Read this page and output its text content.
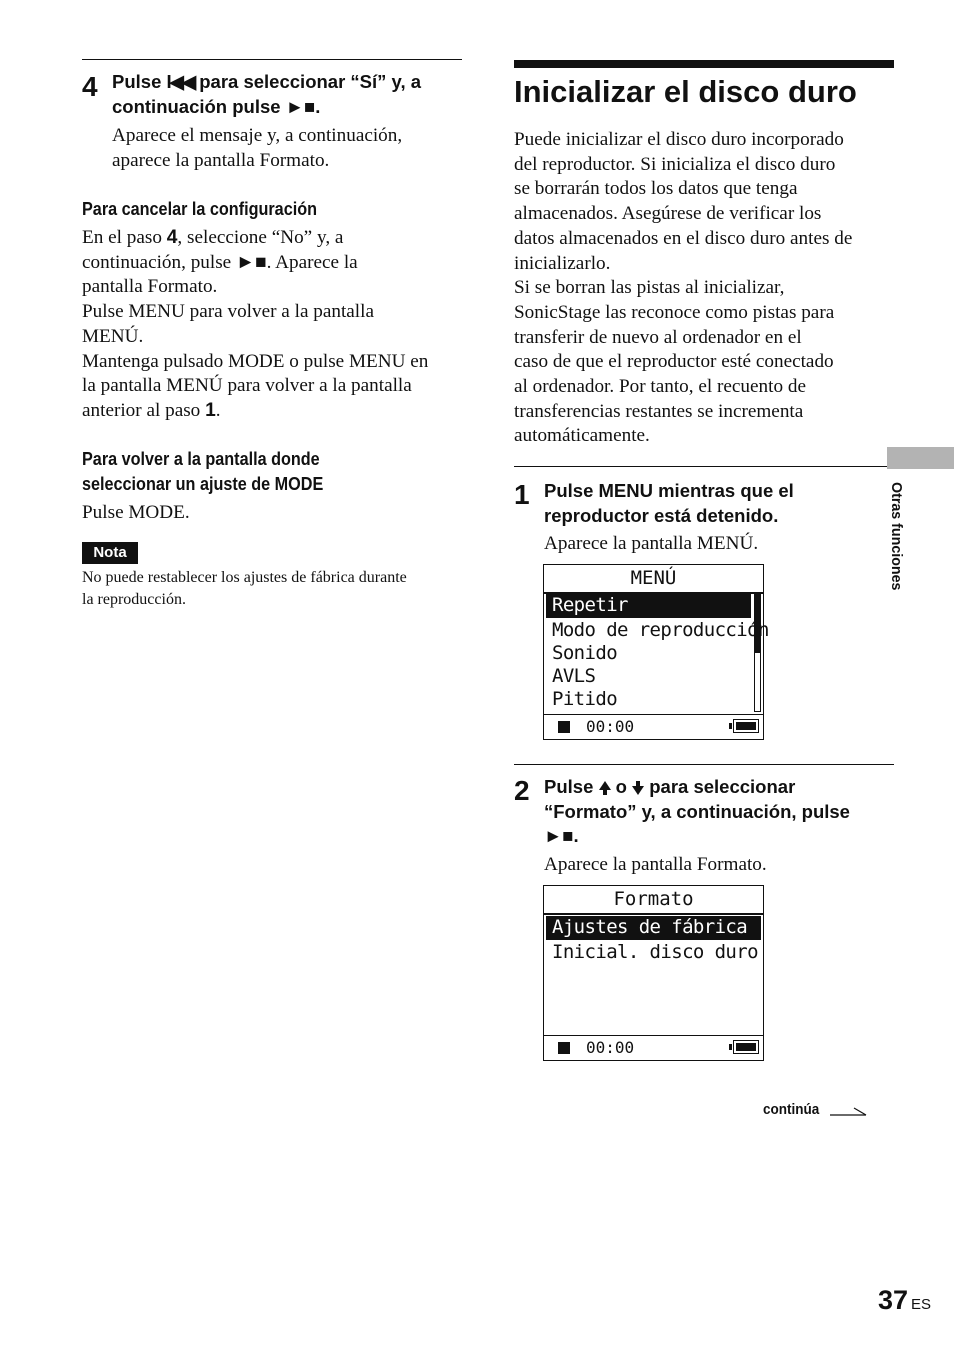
4 Pulse I◀◀ para seleccionar “Sí” y, a
continuación pulse ►■.
Aparece el mensaje y, a continuación,
aparece la pantalla Formato.
Para cancelar la configuración
En el paso 4, seleccione “No” y, a
continuación, pulse ►■. Aparece la
pantalla Formato.
Pulse MENU para volver a la pantalla
MENÚ.
Mantenga pulsado MODE o pulse MENU en
la pantalla MENÚ para volver a la pantalla
anterior al paso 1.
Para volver a la pantalla donde
seleccionar un ajuste de MODE
Pulse MODE.
Nota
No puede restablecer los ajustes de fábrica durante
la reproducción.
Inicializar el disco duro
Puede inicializar el disco duro incorporado
del reproductor. Si inicializa el disco duro
se borrarán todos los datos que tenga
almacenados. Asegúrese de verificar los
datos almacenados en el disco duro antes de
inicializarlo.
Si se borran las pistas al inicializar,
SonicStage las reconoce como pistas para
transferir de nuevo al ordenador en el
caso de que el reproductor esté conectado
al ordenador. Por tanto, el recuento de
transferencias restantes se incrementa
automáticamente.
1 Pulse MENU mientras que el
reproductor está detenido.
Aparece la pantalla MENÚ.
MENÚ
Repetir
Modo de reproducción
Sonido
AVLS
Pitido
00:00
2 Pulse  o  para seleccionar
“Formato” y, a continuación, pulse
►■.
Aparece la pantalla Formato.
Formato
Ajustes de fábrica
Inicial. disco duro
00:00
continúa
Otras funciones
37 ES
